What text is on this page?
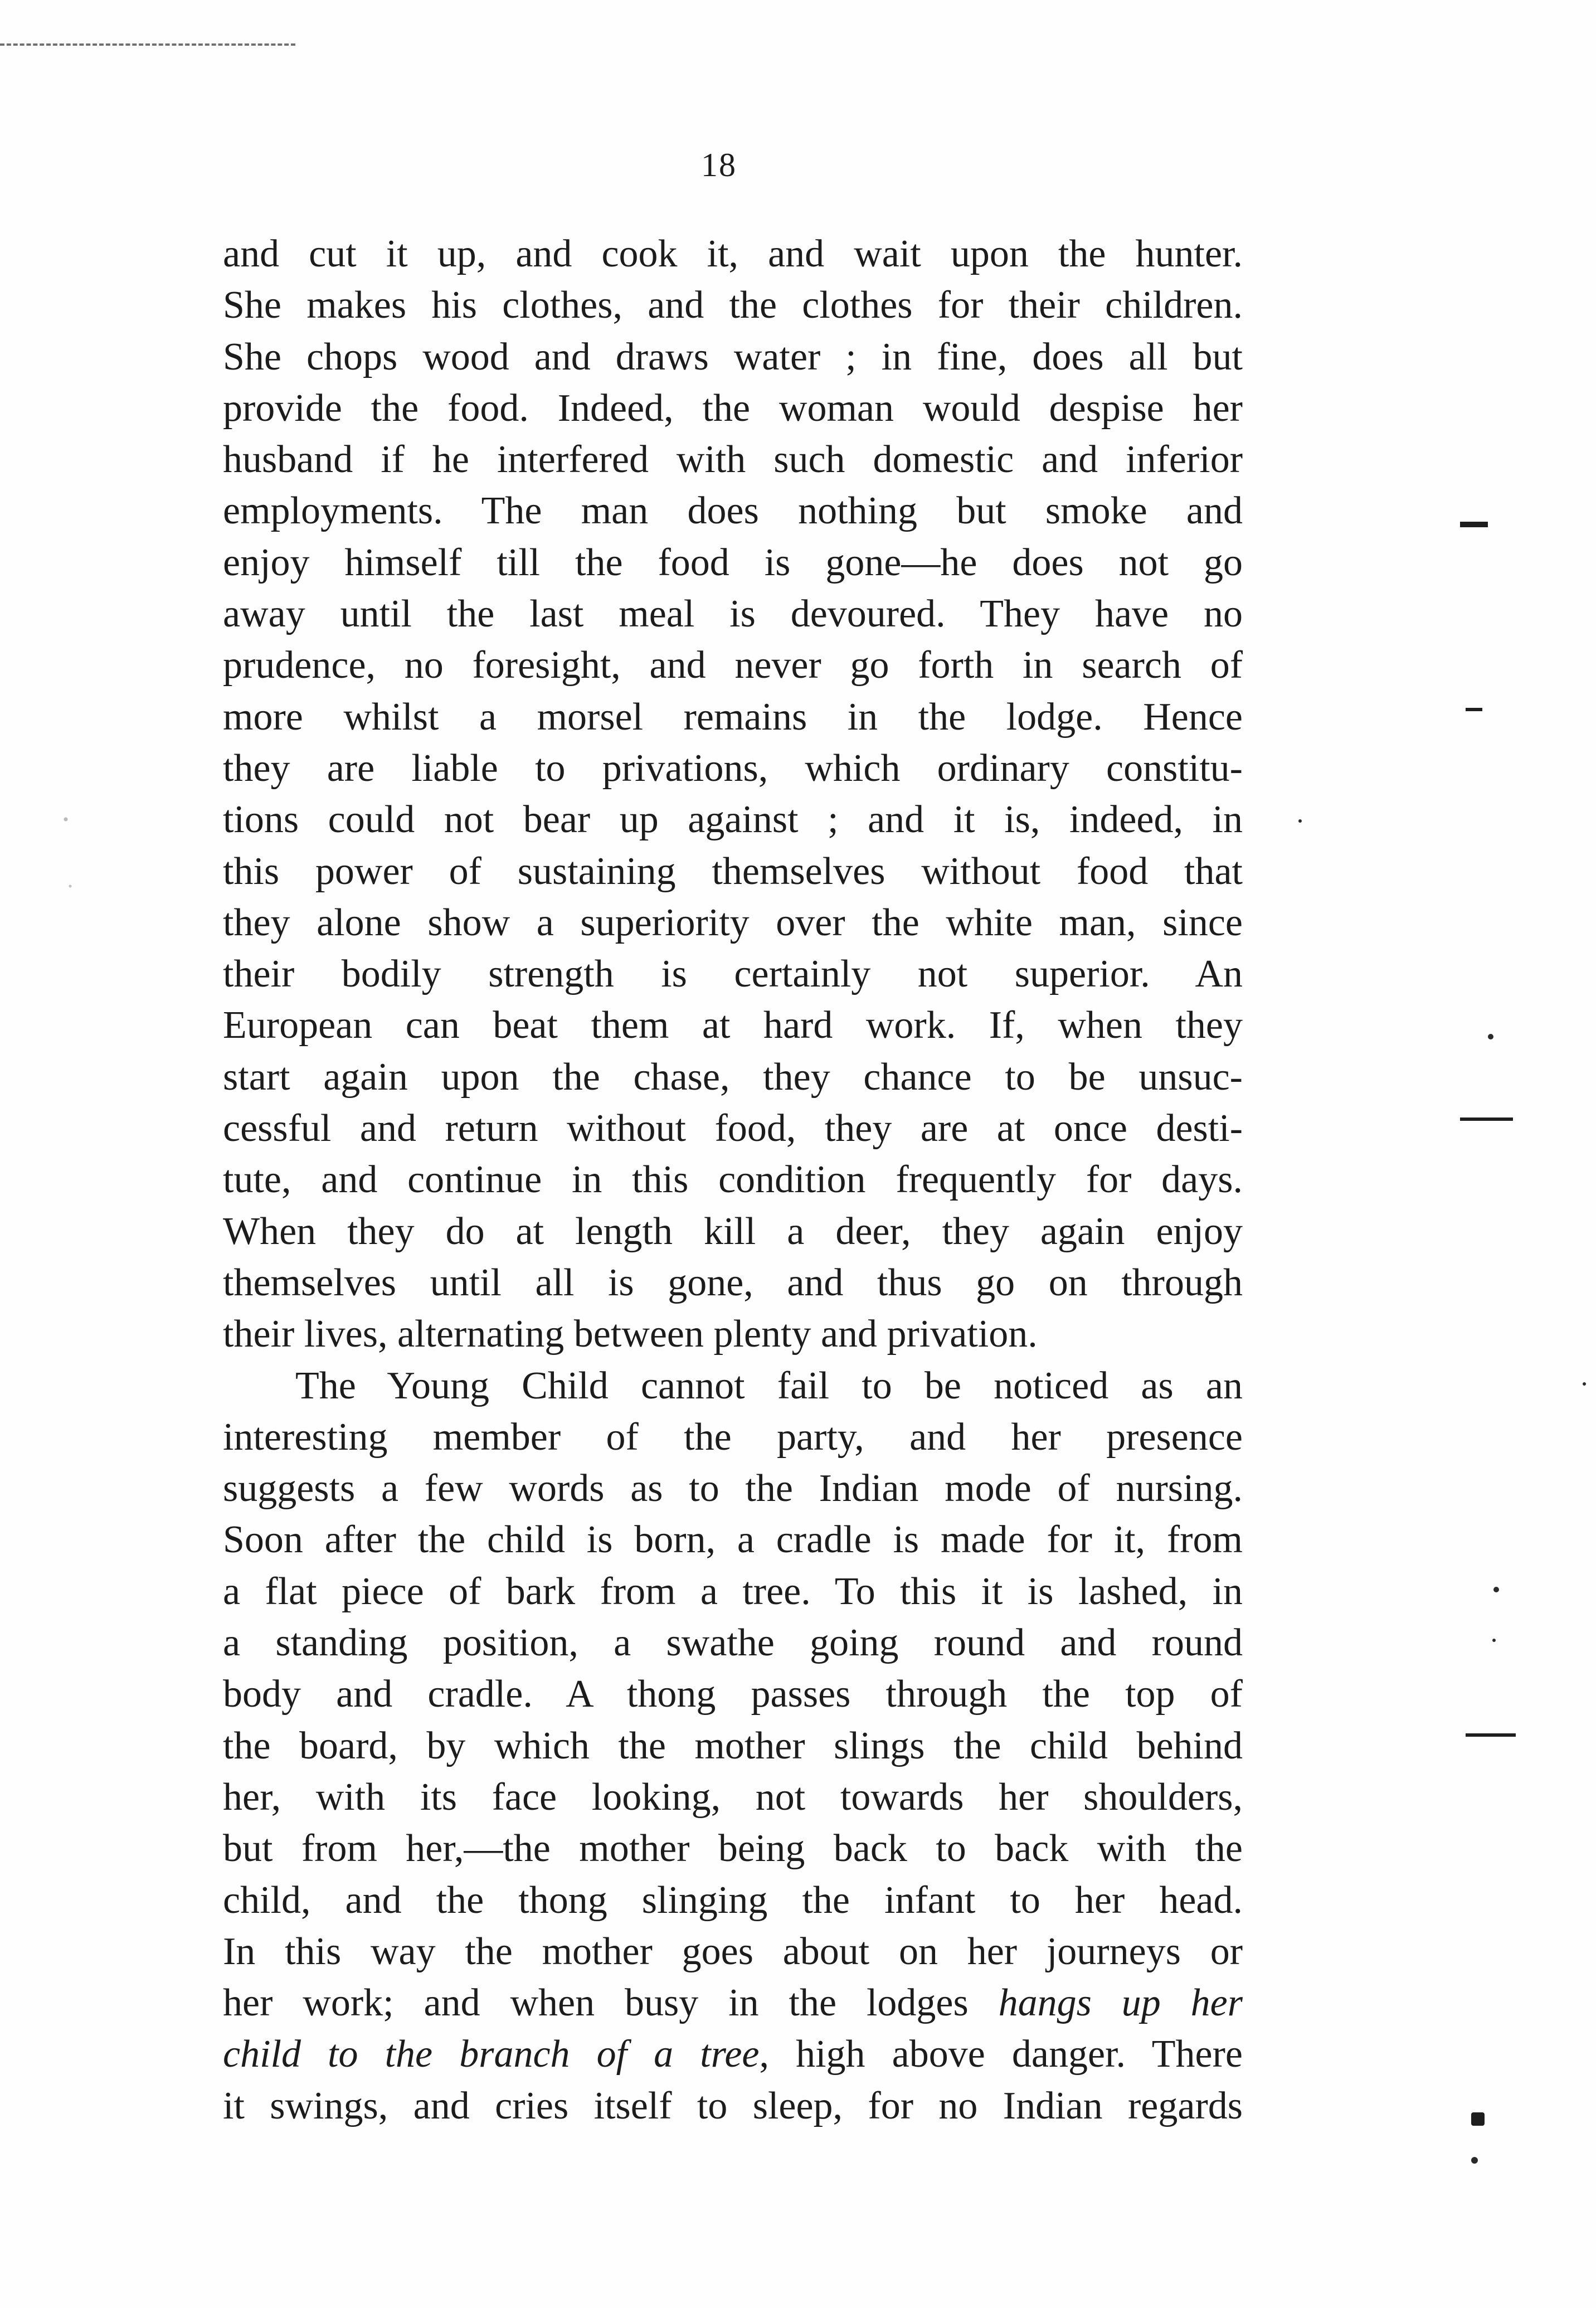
18
and cut it up, and cook it, and wait upon the hunter.
She makes his clothes, and the clothes for their children.
She chops wood and draws water ; in fine, does all but
provide the food. Indeed, the woman would despise her
husband if he interfered with such domestic and inferior
employments. The man does nothing but smoke and
enjoy himself till the food is gone—he does not go
away until the last meal is devoured. They have no
prudence, no foresight, and never go forth in search of
more whilst a morsel remains in the lodge. Hence
they are liable to privations, which ordinary constitu-
tions could not bear up against ; and it is, indeed, in
this power of sustaining themselves without food that
they alone show a superiority over the white man, since
their bodily strength is certainly not superior. An
European can beat them at hard work. If, when they
start again upon the chase, they chance to be unsuc-
cessful and return without food, they are at once desti-
tute, and continue in this condition frequently for days.
When they do at length kill a deer, they again enjoy
themselves until all is gone, and thus go on through
their lives, alternating between plenty and privation.
The Young Child cannot fail to be noticed as an
interesting member of the party, and her presence
suggests a few words as to the Indian mode of nursing.
Soon after the child is born, a cradle is made for it, from
a flat piece of bark from a tree. To this it is lashed, in
a standing position, a swathe going round and round
body and cradle. A thong passes through the top of
the board, by which the mother slings the child behind
her, with its face looking, not towards her shoulders,
but from her,—the mother being back to back with the
child, and the thong slinging the infant to her head.
In this way the mother goes about on her journeys or
her work; and when busy in the lodges hangs up her
child to the branch of a tree, high above danger. There
it swings, and cries itself to sleep, for no Indian regards
